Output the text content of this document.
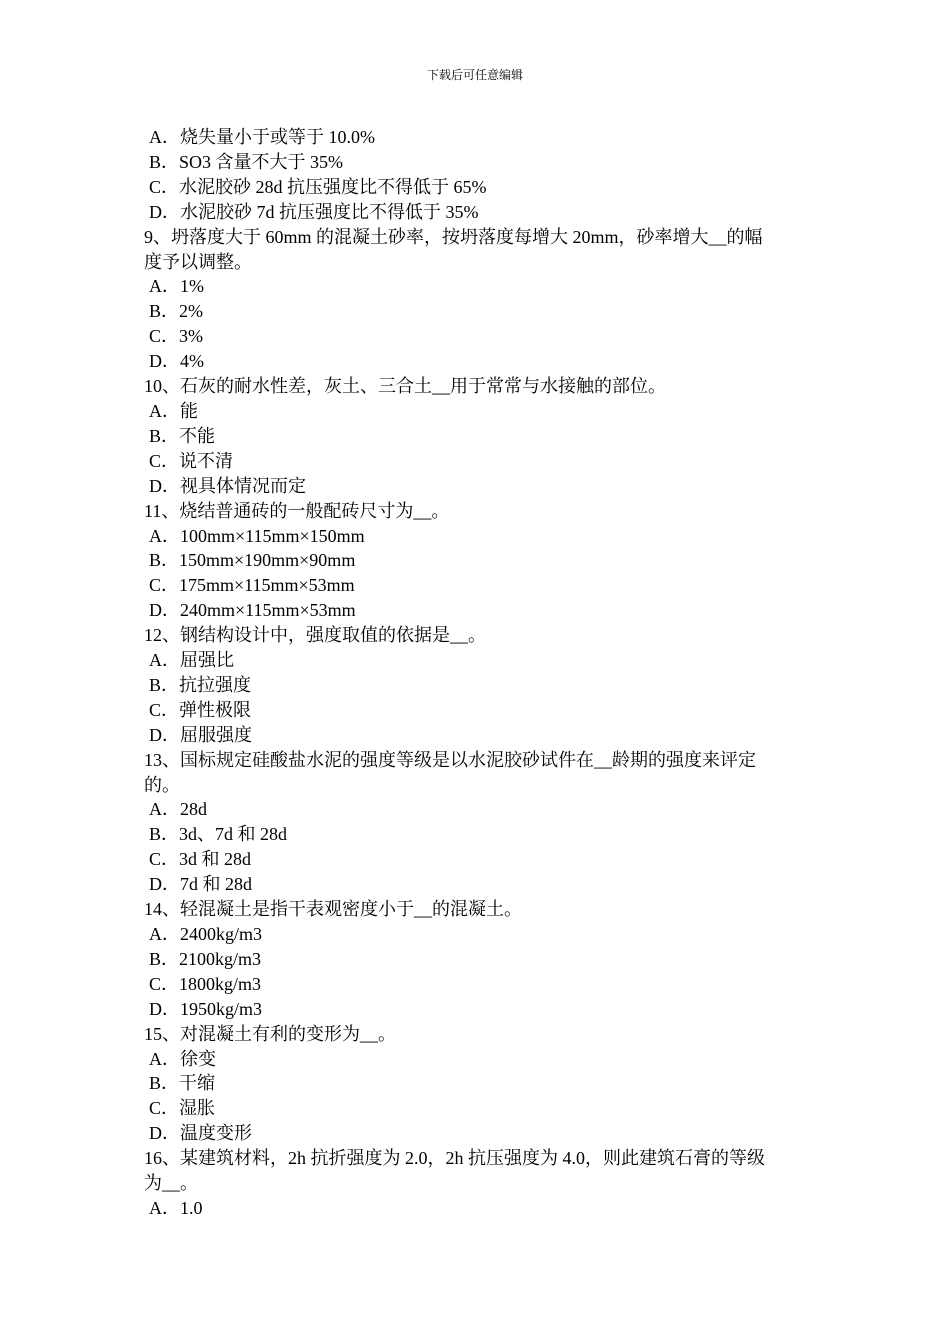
下载后可任意编辑
A．烧失量小于或等于 10.0%
B．SO3 含量不大于 35%
C．水泥胶砂 28d 抗压强度比不得低于 65%
D．水泥胶砂 7d 抗压强度比不得低于 35%
9、坍落度大于 60mm 的混凝土砂率，按坍落度每增大 20mm，砂率增大__的幅
度予以调整。
A．1%
B．2%
C．3%
D．4%
10、石灰的耐水性差，灰土、三合土__用于常常与水接触的部位。
A．能
B．不能
C．说不清
D．视具体情况而定
11、烧结普通砖的一般配砖尺寸为__。
A．100mm×115mm×150mm
B．150mm×190mm×90mm
C．175mm×115mm×53mm
D．240mm×115mm×53mm
12、钢结构设计中，强度取值的依据是__。
A．屈强比
B．抗拉强度
C．弹性极限
D．屈服强度
13、国标规定硅酸盐水泥的强度等级是以水泥胶砂试件在__龄期的强度来评定
的。
A．28d
B．3d、7d 和 28d
C．3d 和 28d
D．7d 和 28d
14、轻混凝土是指干表观密度小于__的混凝土。
A．2400kg/m3
B．2100kg/m3
C．1800kg/m3
D．1950kg/m3
15、对混凝土有利的变形为__。
A．徐变
B．干缩
C．湿胀
D．温度变形
16、某建筑材料，2h 抗折强度为 2.0，2h 抗压强度为 4.0，则此建筑石膏的等级
为__。
A．1.0
